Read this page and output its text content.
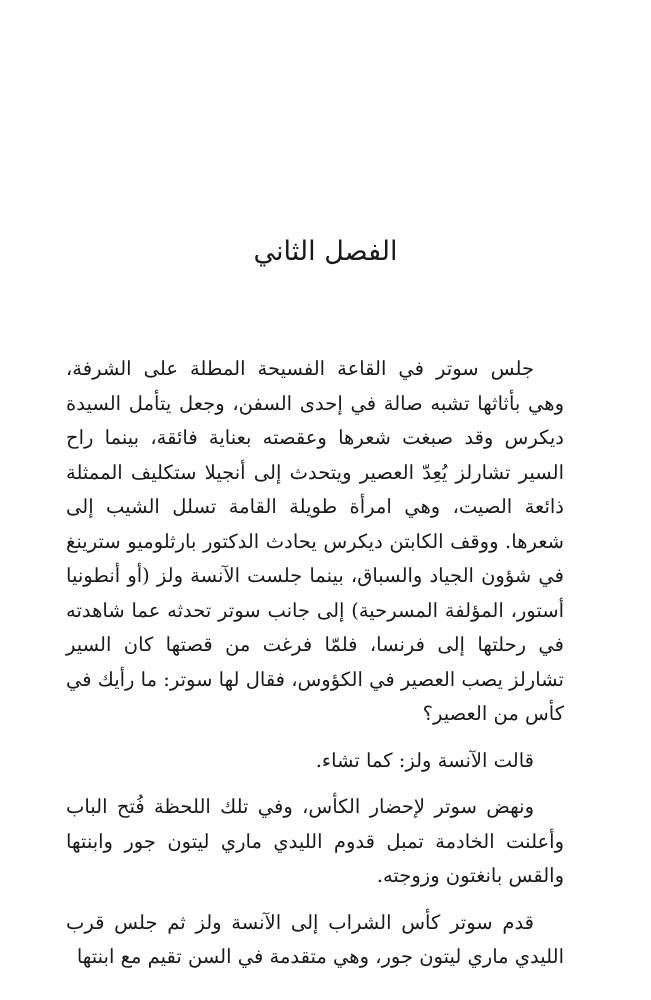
الفصل الثاني

جلس سوتر في القاعة الفسيحة المطلة على الشرفة، وهي بأثاثها تشبه صالة في إحدى السفن، وجعل يتأمل السيدة ديكرس وقد صبغت شعرها وعقصته بعناية فائقة، بينما راح السير تشارلز يُعِدّ العصير ويتحدث إلى أنجيلا ستكليف الممثلة ذائعة الصيت، وهي امرأة طويلة القامة تسلل الشيب إلى شعرها. ووقف الكابتن ديكرس يحادث الدكتور بارثلوميو سترينغ في شؤون الجياد والسباق، بينما جلست الآنسة ولز (أو أنطونيا أستور، المؤلفة المسرحية) إلى جانب سوتر تحدثه عما شاهدته في رحلتها إلى فرنسا، فلمّا فرغت من قصتها كان السير تشارلز يصب العصير في الكؤوس، فقال لها سوتر: ما رأيك في كأس من العصير؟

قالت الآنسة ولز: كما تشاء.

ونهض سوتر لإحضار الكأس، وفي تلك اللحظة فُتح الباب وأعلنت الخادمة تمبل قدوم الليدي ماري ليتون جور وابنتها والقس بانغتون وزوجته.

قدم سوتر كأس الشراب إلى الآنسة ولز ثم جلس قرب الليدي ماري ليتون جور، وهي متقدمة في السن تقيم مع ابنتها
